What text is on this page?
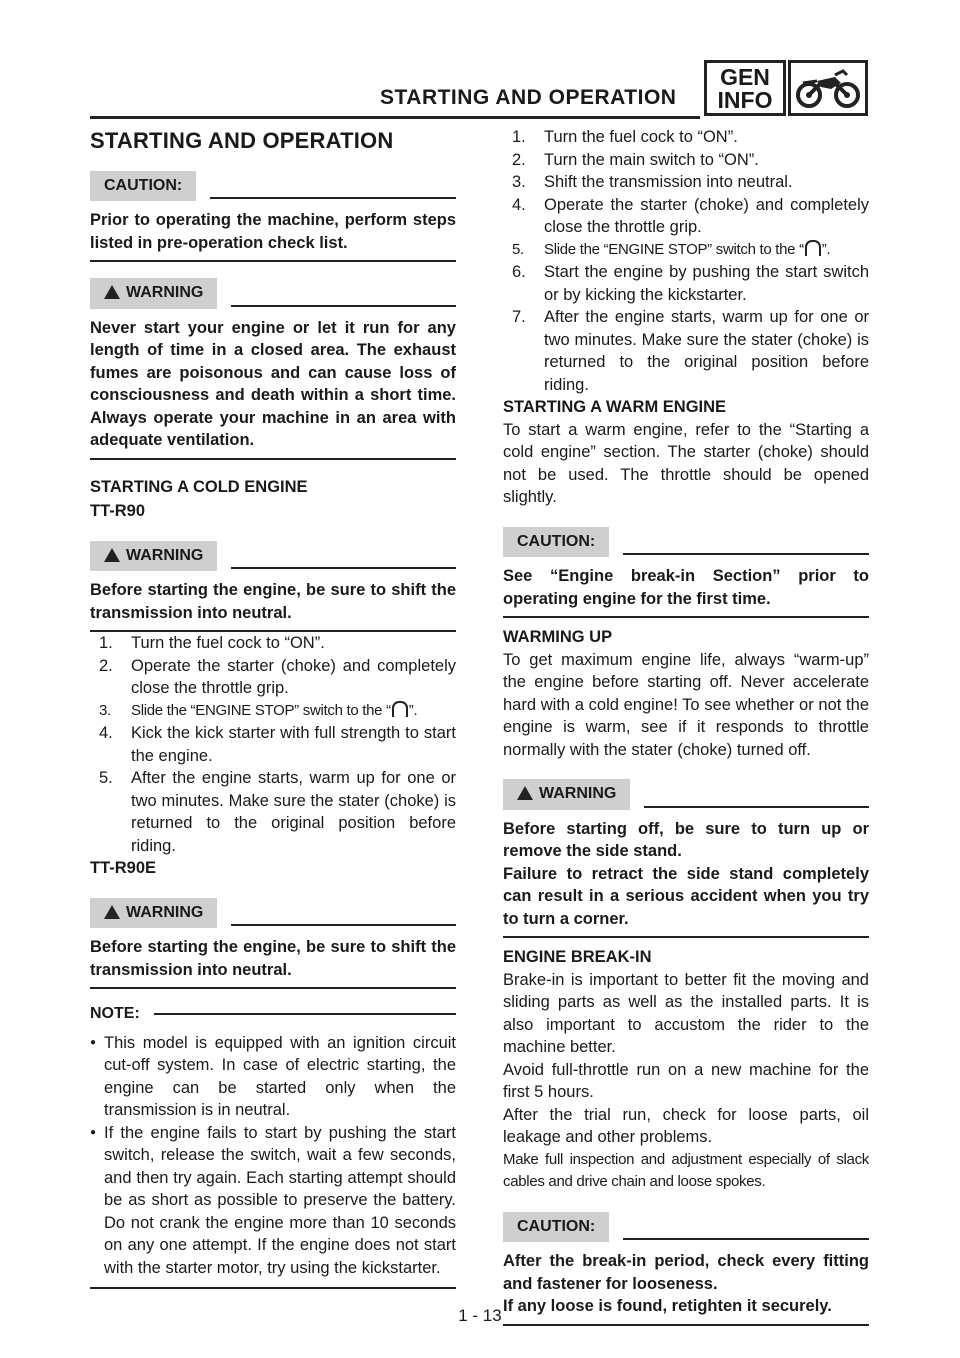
STARTING AND OPERATION
GEN
INFO
STARTING AND OPERATION
CAUTION:
Prior to operating the machine, perform steps listed in pre-operation check list.
WARNING
Never start your engine or let it run for any length of time in a closed area. The exhaust fumes are poisonous and can cause loss of consciousness and death within a short time. Always operate your machine in an area with adequate ventilation.
STARTING A COLD ENGINE
TT-R90
WARNING
Before starting the engine, be sure to shift the transmission into neutral.
1. Turn the fuel cock to “ON”.
2. Operate the starter (choke) and completely close the throttle grip.
3. Slide the “ENGINE STOP” switch to the “ ”.
4. Kick the kick starter with full strength to start the engine.
5. After the engine starts, warm up for one or two minutes. Make sure the stater (choke) is returned to the original position before riding.
TT-R90E
WARNING
Before starting the engine, be sure to shift the transmission into neutral.
NOTE:
● This model is equipped with an ignition circuit cut-off system. In case of electric starting, the engine can be started only when the transmission is in neutral.
● If the engine fails to start by pushing the start switch, release the switch, wait a few seconds, and then try again. Each starting attempt should be as short as possible to preserve the battery. Do not crank the engine more than 10 seconds on any one attempt. If the engine does not start with the starter motor, try using the kickstarter.
1. Turn the fuel cock to “ON”.
2. Turn the main switch to “ON”.
3. Shift the transmission into neutral.
4. Operate the starter (choke) and completely close the throttle grip.
5. Slide the “ENGINE STOP” switch to the “ ”.
6. Start the engine by pushing the start switch or by kicking the kickstarter.
7. After the engine starts, warm up for one or two minutes. Make sure the stater (choke) is returned to the original position before riding.
STARTING A WARM ENGINE
To start a warm engine, refer to the “Starting a cold engine” section. The starter (choke) should not be used. The throttle should be opened slightly.
CAUTION:
See “Engine break-in Section” prior to operating engine for the first time.
WARMING UP
To get maximum engine life, always “warm-up” the engine before starting off. Never accelerate hard with a cold engine! To see whether or not the engine is warm, see if it responds to throttle normally with the stater (choke) turned off.
WARNING
Before starting off, be sure to turn up or remove the side stand.
Failure to retract the side stand completely can result in a serious accident when you try to turn a corner.
ENGINE BREAK-IN
Brake-in is important to better fit the moving and sliding parts as well as the installed parts. It is also important to accustom the rider to the machine better.
Avoid full-throttle run on a new machine for the first 5 hours.
After the trial run, check for loose parts, oil leakage and other problems.
Make full inspection and adjustment especially of slack cables and drive chain and loose spokes.
CAUTION:
After the break-in period, check every fitting and fastener for looseness.
If any loose is found, retighten it securely.
1 - 13
